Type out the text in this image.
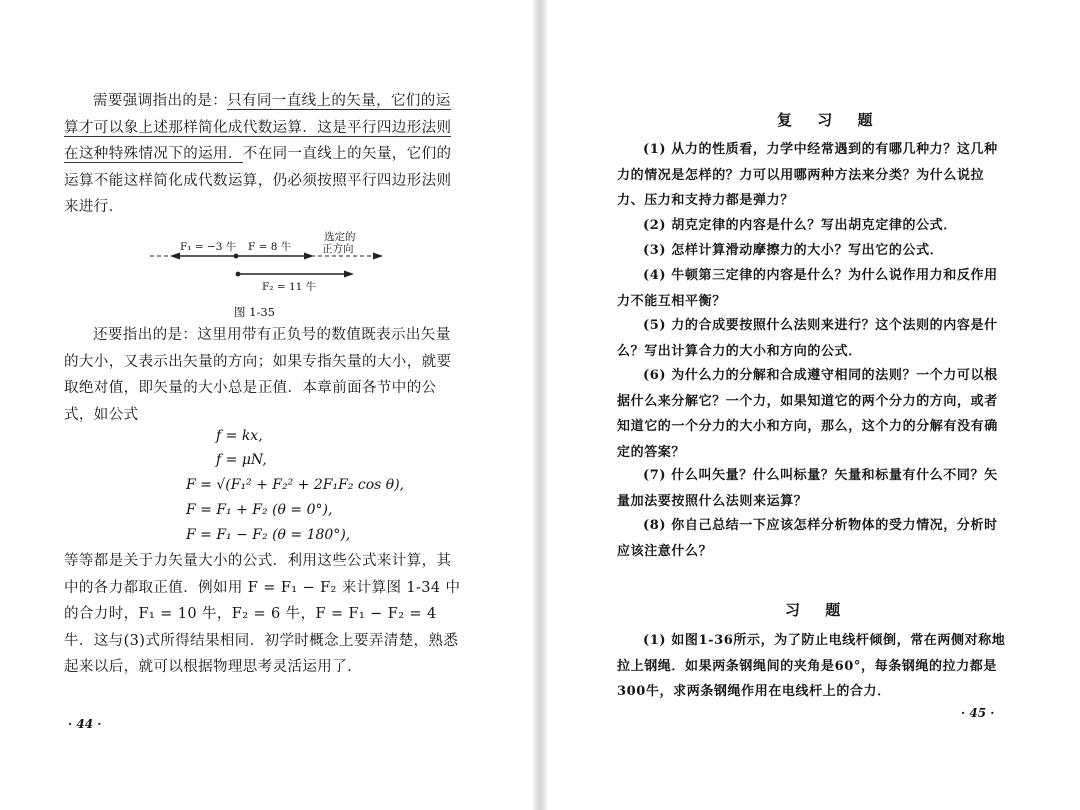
需要强调指出的是：只有同一直线上的矢量，它们的运算才可以象上述那样简化成代数运算．这是平行四边形法则在这种特殊情况下的运用．不在同一直线上的矢量，它们的运算不能这样简化成代数运算，仍必须按照平行四边形法则来进行．

F₁ = −3 牛 F = 8 牛
选定的
正方向
F₂ = 11 牛
图 1-35

还要指出的是：这里用带有正负号的数值既表示出矢量的大小，又表示出矢量的方向；如果专指矢量的大小，就要取绝对值，即矢量的大小总是正值．本章前面各节中的公式，如公式

f = kx,
f = μN,
F = √(F₁² + F₂² + 2F₁F₂ cos θ),
F = F₁ + F₂ (θ = 0°),
F = F₁ − F₂ (θ = 180°),

等等都是关于力矢量大小的公式．利用这些公式来计算，其中的各力都取正值．例如用 F = F₁ − F₂ 来计算图 1-34 中的合力时，F₁ = 10 牛，F₂ = 6 牛，F = F₁ − F₂ = 4 牛．这与(3)式所得结果相同．初学时概念上要弄清楚，熟悉起来以后，就可以根据物理思考灵活运用了．

· 44 ·
复 习 题

(1) 从力的性质看，力学中经常遇到的有哪几种力？这几种力的情况是怎样的？力可以用哪两种方法来分类？为什么说拉力、压力和支持力都是弹力？

(2) 胡克定律的内容是什么？写出胡克定律的公式．

(3) 怎样计算滑动摩擦力的大小？写出它的公式．

(4) 牛顿第三定律的内容是什么？为什么说作用力和反作用力不能互相平衡？

(5) 力的合成要按照什么法则来进行？这个法则的内容是什么？写出计算合力的大小和方向的公式．

(6) 为什么力的分解和合成遵守相同的法则？一个力可以根据什么来分解它？一个力，如果知道它的两个分力的方向，或者知道它的一个分力的大小和方向，那么，这个力的分解有没有确定的答案？

(7) 什么叫矢量？什么叫标量？矢量和标量有什么不同？矢量加法要按照什么法则来运算？

(8) 你自己总结一下应该怎样分析物体的受力情况，分析时应该注意什么？

习 题

(1) 如图1-36所示，为了防止电线杆倾倒，常在两侧对称地拉上钢绳．如果两条钢绳间的夹角是60°，每条钢绳的拉力都是300牛，求两条钢绳作用在电线杆上的合力．

· 45 ·
